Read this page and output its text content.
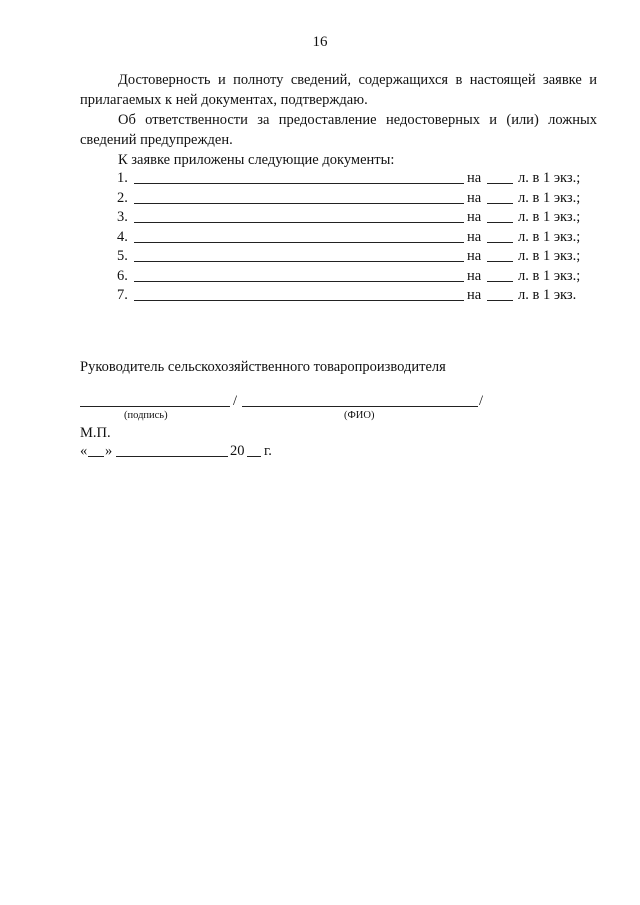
16

Достоверность и полноту сведений, содержащихся в настоящей заявке и прилагаемых к ней документах, подтверждаю.

Об ответственности за предоставление недостоверных и (или) ложных сведений предупрежден.

К заявке приложены следующие документы:
1.	на	л. в 1 экз.;
2.	на	л. в 1 экз.;
3.	на	л. в 1 экз.;
4.	на	л. в 1 экз.;
5.	на	л. в 1 экз.;
6.	на	л. в 1 экз.;
7.	на	л. в 1 экз.
Руководитель сельскохозяйственного товаропроизводителя
/	/
(подпись)	(ФИО)
М.П.
« »	20 г.
